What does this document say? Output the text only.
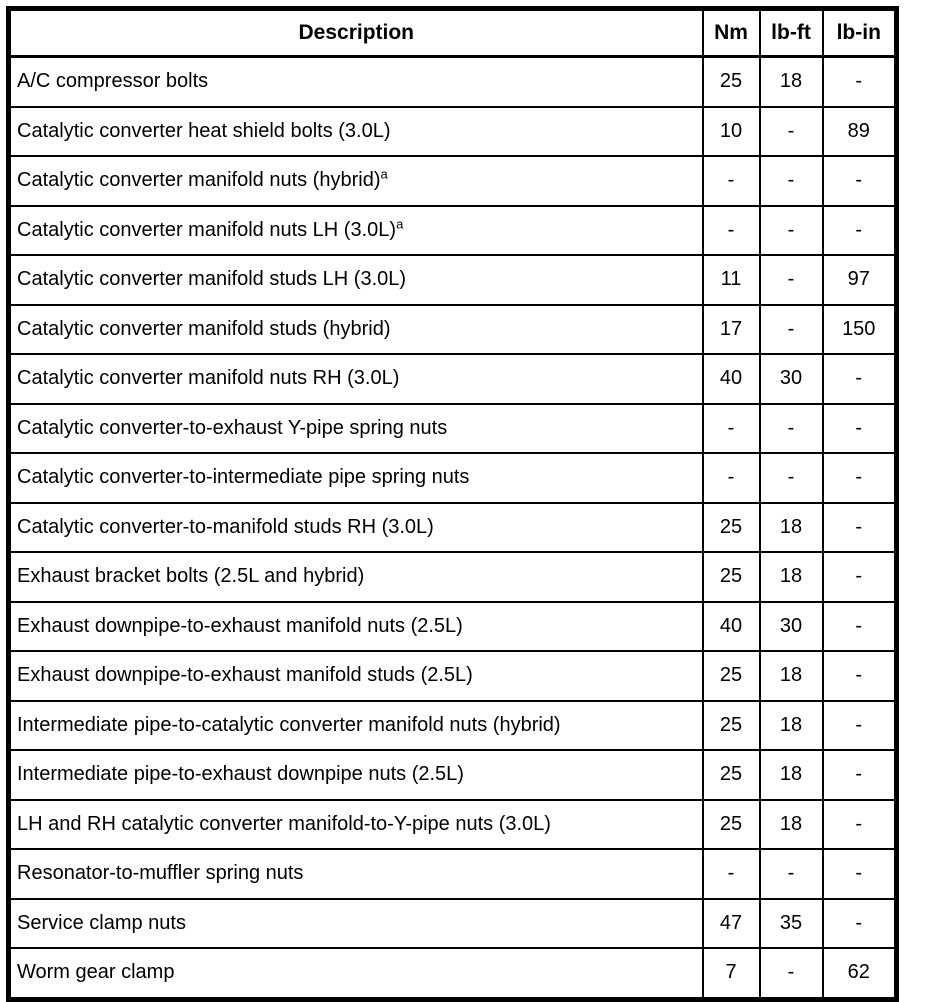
Description	Nm	lb-ft	lb-in
A/C compressor bolts	25	18	-
Catalytic converter heat shield bolts (3.0L)	10	-	89
Catalytic converter manifold nuts (hybrid)$^a$	-	-	-
Catalytic converter manifold nuts LH (3.0L)$^a$	-	-	-
Catalytic converter manifold studs LH (3.0L)	11	-	97
Catalytic converter manifold studs (hybrid)	17	-	150
Catalytic converter manifold nuts RH (3.0L)	40	30	-
Catalytic converter-to-exhaust Y-pipe spring nuts	-	-	-
Catalytic converter-to-intermediate pipe spring nuts	-	-	-
Catalytic converter-to-manifold studs RH (3.0L)	25	18	-
Exhaust bracket bolts (2.5L and hybrid)	25	18	-
Exhaust downpipe-to-exhaust manifold nuts (2.5L)	40	30	-
Exhaust downpipe-to-exhaust manifold studs (2.5L)	25	18	-
Intermediate pipe-to-catalytic converter manifold nuts (hybrid)	25	18	-
Intermediate pipe-to-exhaust downpipe nuts (2.5L)	25	18	-
LH and RH catalytic converter manifold-to-Y-pipe nuts (3.0L)	25	18	-
Resonator-to-muffler spring nuts	-	-	-
Service clamp nuts	47	35	-
Worm gear clamp	7	-	62
